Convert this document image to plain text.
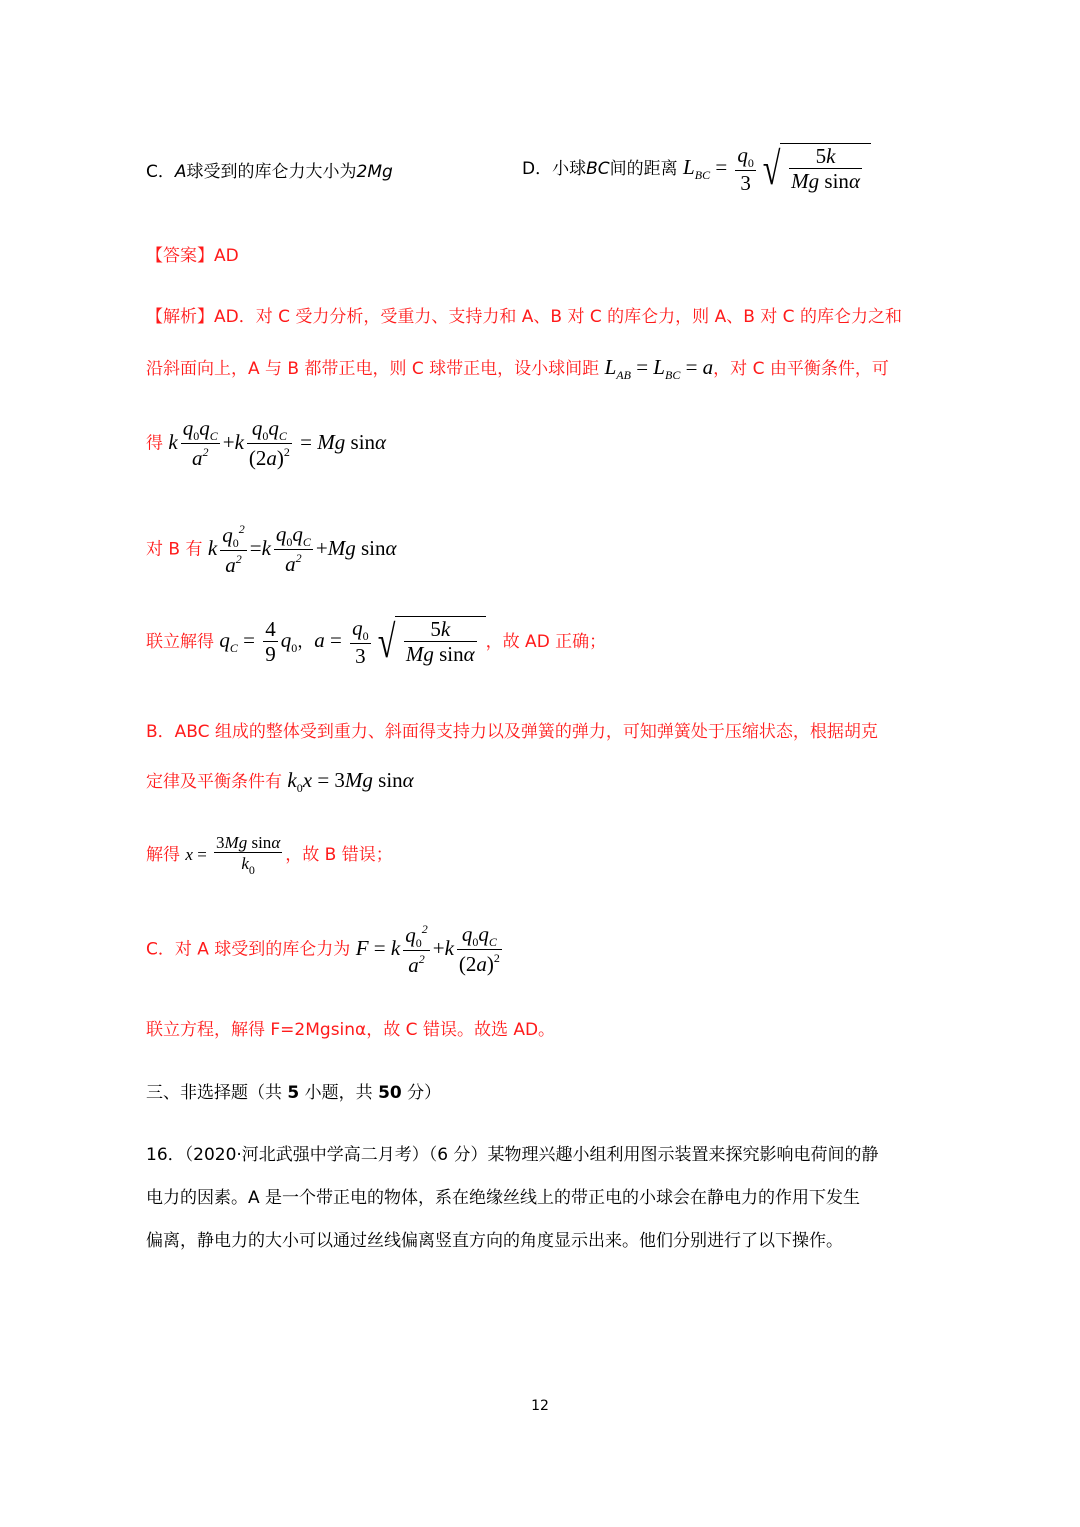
C．A球受到的库仑力大小为2Mg	D．小球BC间的距离 $L_{BC} = \frac{q_0}{3}$ √ $\frac{5k}{\text{Mg sinα}}$
【答案】AD
【解析】AD．对 C 受力分析，受重力、支持力和 A、B 对 C 的库仑力，则 A、B 对 C 的库仑力之和
沿斜面向上，A 与 B 都带正电，则 C 球带正电，设小球间距 $L_{AB} = L_{BC} = a$，对 C 由平衡条件，可
得 k $\frac{q_0q_C}{a^2} +k \frac{q_0q_C}{(2a)^2} = Mg$ sinα
对 B 有 k $\frac{q_0^2}{a^2} =k \frac{q_0q_C}{a^2} +Mg$ sinα
联立解得 $q_C = \frac{4}{9} q_0$，$a = \frac{q_0}{3}$ √ $\frac{5k}{\text{Mg sinα}}$ ，故 AD 正确；
B．ABC 组成的整体受到重力、斜面得支持力以及弹簧的弹力，可知弹簧处于压缩状态，根据胡克
定律及平衡条件有 $k_0x = 3Mg$ sinα
解得 $x = \frac{\text{3Mg sinα}}{k_0}$ ，故 B 错误；
C．对 A 球受到的库仑力为 F = k $\frac{q_0^2}{a^2} +k \frac{q_0q_C}{(2a)^2}$
联立方程，解得 F=2Mgsinα，故 C 错误。故选 AD。
三、非选择题（共 5 小题，共 50 分）
16．（2020·河北武强中学高二月考）（6 分）某物理兴趣小组利用图示装置来探究影响电荷间的静
电力的因素。A 是一个带正电的物体，系在绝缘丝线上的带正电的小球会在静电力的作用下发生
偏离，静电力的大小可以通过丝线偏离竖直方向的角度显示出来。他们分别进行了以下操作。
12
